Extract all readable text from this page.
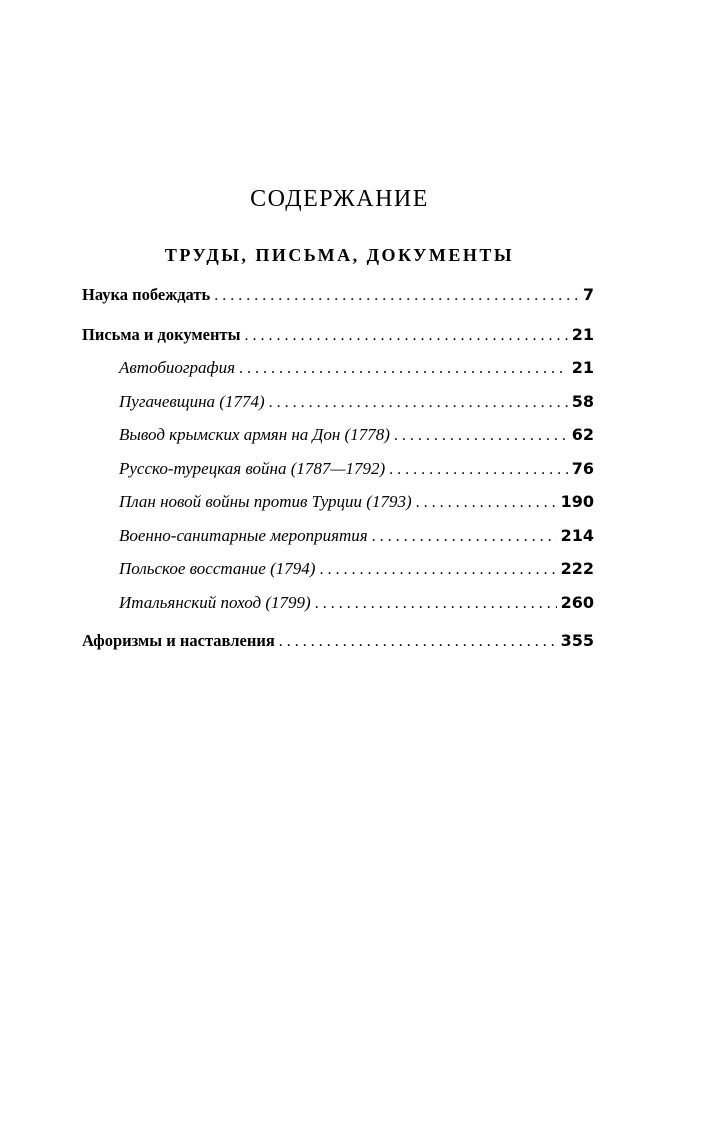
СОДЕРЖАНИЕ
ТРУДЫ, ПИСЬМА, ДОКУМЕНТЫ
Наука побеждать . . .	7
Письма и документы . . .	21
Автобиография . . .	21
Пугачевщина (1774) . . .	58
Вывод крымских армян на Дон (1778) . . .	62
Русско-турецкая война (1787—1792) . . .	76
План новой войны против Турции (1793) . . .	190
Военно-санитарные мероприятия . . .	214
Польское восстание (1794) . . .	222
Итальянский поход (1799) . . .	260
Афоризмы и наставления . . .	355
